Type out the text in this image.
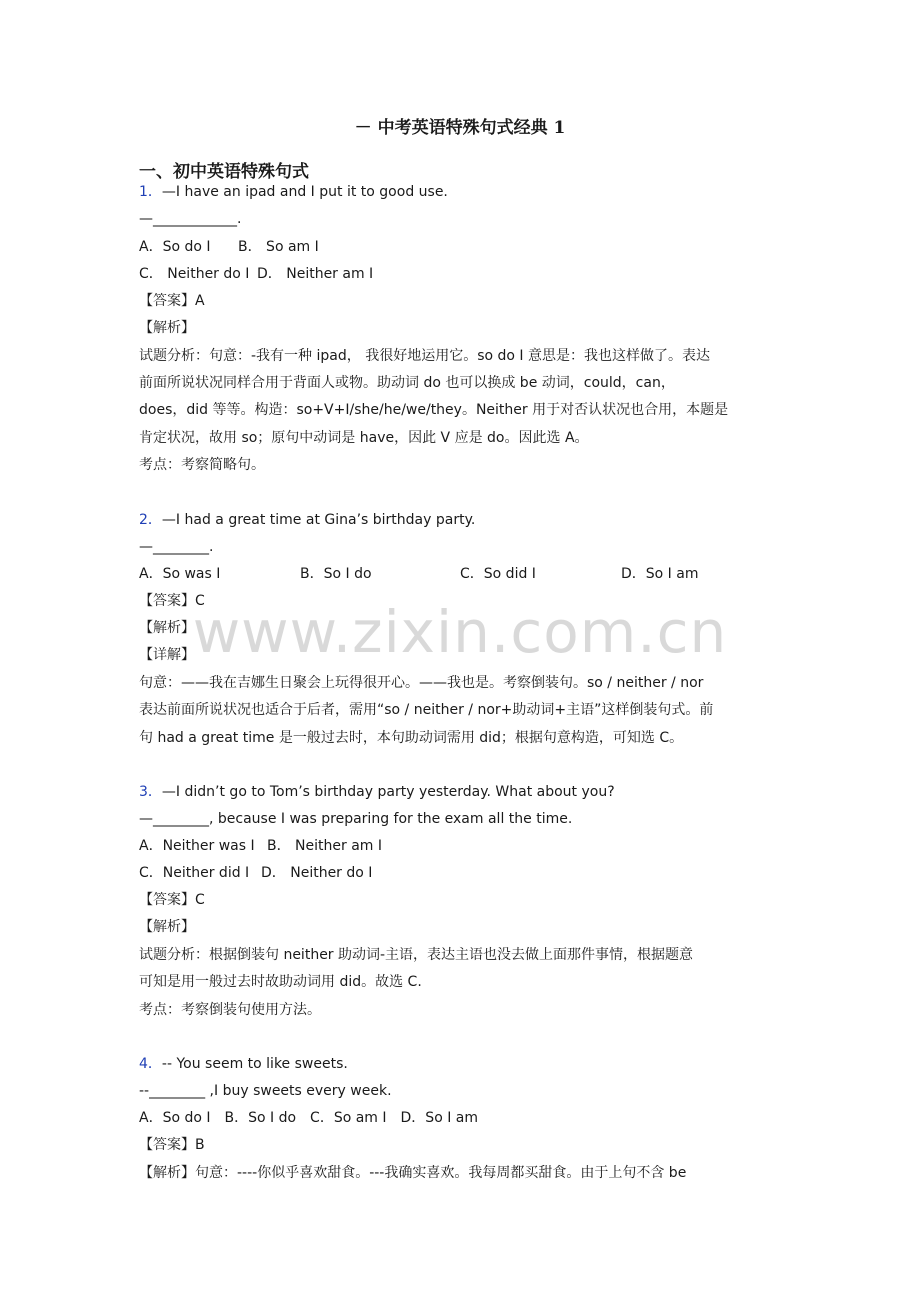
www.zixin.com.cn
－ 中考英语特殊句式经典 1
一、初中英语特殊句式
1．—I have an ipad and I put it to good use.
—____________.
A．So do I B． So am I
C． Neither do I D． Neither am I
【答案】A
【解析】
试题分析：句意：-我有一种 ipad， 我很好地运用它。so do I 意思是：我也这样做了。表达
前面所说状况同样合用于背面人或物。助动词 do 也可以换成 be 动词，could，can，
does，did 等等。构造：so+V+I/she/he/we/they。Neither 用于对否认状况也合用，本题是
肯定状况，故用 so；原句中动词是 have，因此 V 应是 do。因此选 A。
考点：考察简略句。
2．—I had a great time at Gina’s birthday party.
—________.
A．So was I	B．So I do	C．So did I	D．So I am
【答案】C
【解析】
【详解】
句意：——我在吉娜生日聚会上玩得很开心。——我也是。考察倒装句。so / neither / nor
表达前面所说状况也适合于后者，需用“so / neither / nor+助动词+主语”这样倒装句式。前
句 had a great time 是一般过去时，本句助动词需用 did；根据句意构造，可知选 C。
3．—I didn’t go to Tom’s birthday party yesterday. What about you?
—________, because I was preparing for the exam all the time.
A．Neither was I B． Neither am I
C．Neither did I D． Neither do I
【答案】C
【解析】
试题分析：根据倒装句 neither 助动词-主语，表达主语也没去做上面那件事情，根据题意
可知是用一般过去时故助动词用 did。故选 C.
考点：考察倒装句使用方法。
4．-- You seem to like sweets.
--________ ,I buy sweets every week.
A．So do I　B．So I do　C．So am I　D．So I am
【答案】B
【解析】句意：----你似乎喜欢甜食。---我确实喜欢。我每周都买甜食。由于上句不含 be
